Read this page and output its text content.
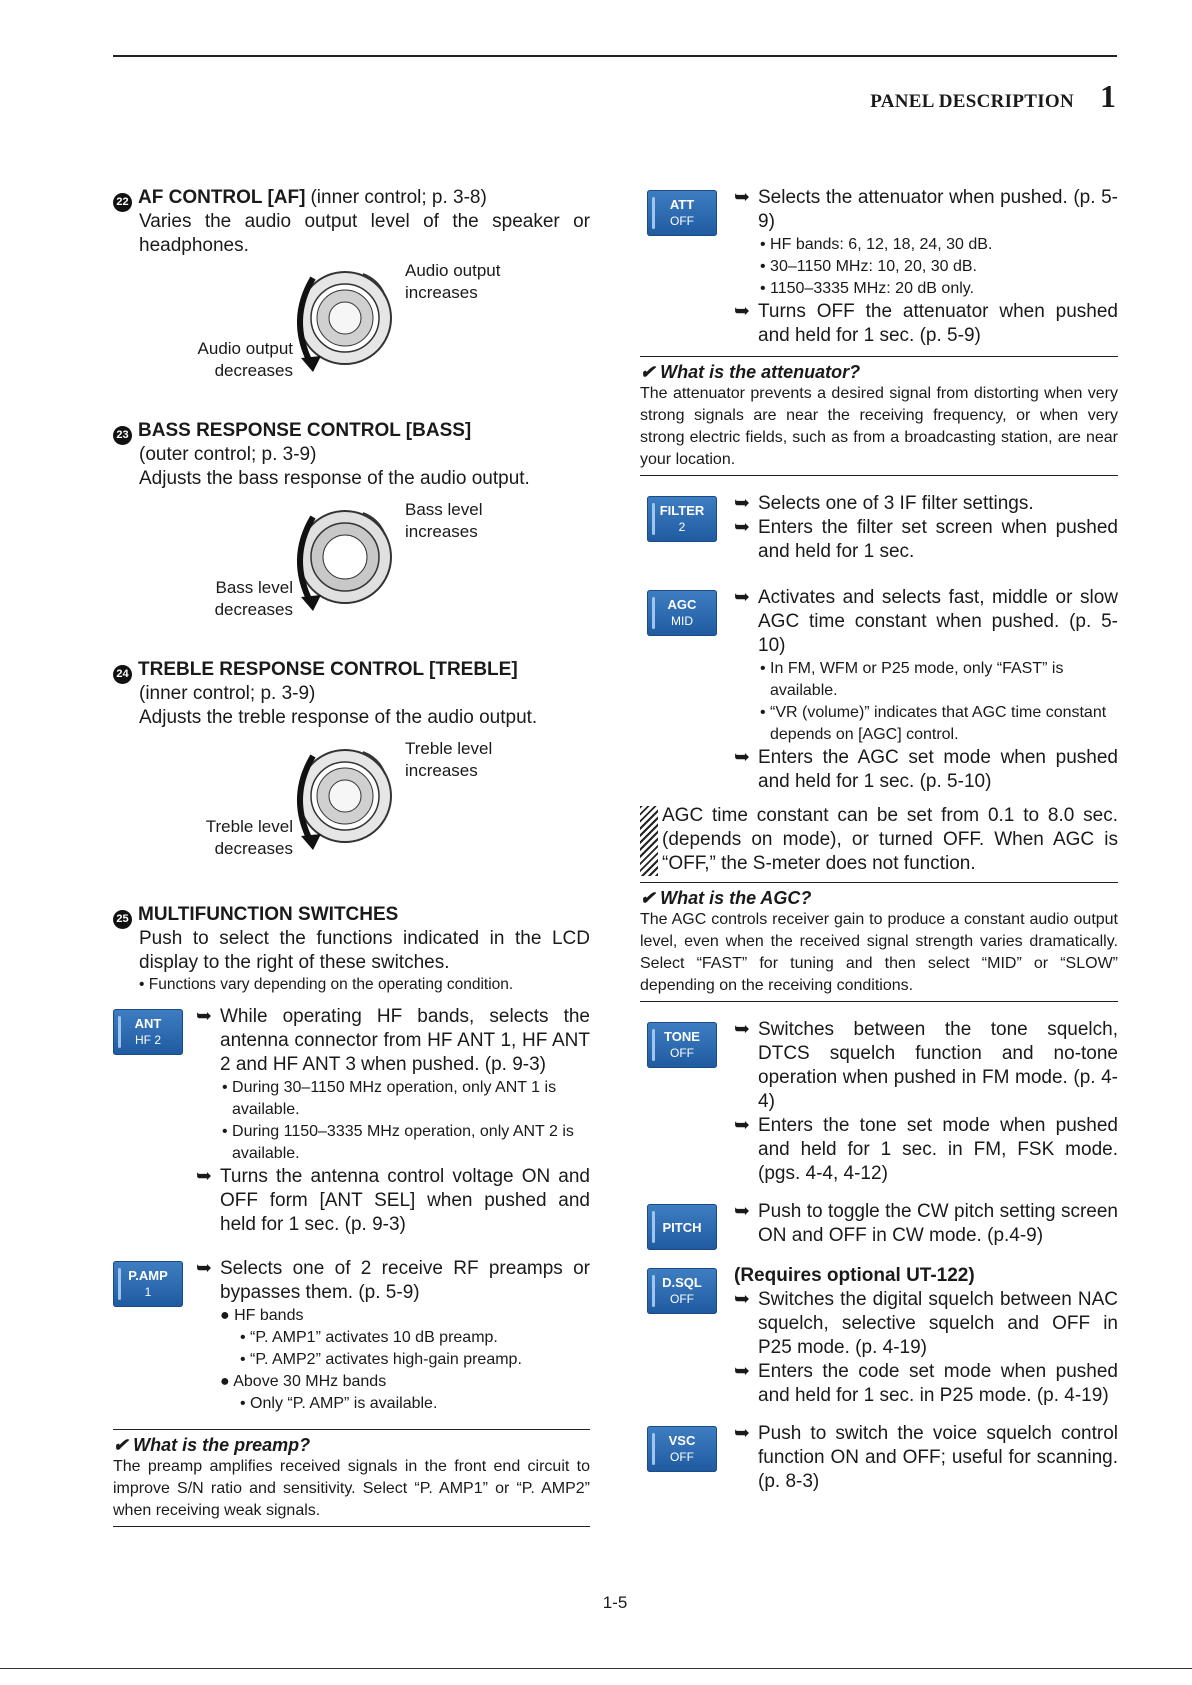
PANEL DESCRIPTION 1
22 AF CONTROL [AF] (inner control; p. 3-8)
Varies the audio output level of the speaker or headphones.
Audio output
increases
Audio output
decreases
23 BASS RESPONSE CONTROL [BASS]
(outer control; p. 3-9)
Adjusts the bass response of the audio output.
Bass level
increases
Bass level
decreases
24 TREBLE RESPONSE CONTROL [TREBLE]
(inner control; p. 3-9)
Adjusts the treble response of the audio output.
Treble level
increases
Treble level
decreases
25 MULTIFUNCTION SWITCHES
Push to select the functions indicated in the LCD display to the right of these switches.
• Functions vary depending on the operating condition.
ANT
HF 2
➥ While operating HF bands, selects the antenna connector from HF ANT 1, HF ANT 2 and HF ANT 3 when pushed. (p. 9-3)
• During 30–1150 MHz operation, only ANT 1 is available.
• During 1150–3335 MHz operation, only ANT 2 is available.
➥ Turns the antenna control voltage ON and OFF form [ANT SEL] when pushed and held for 1 sec. (p. 9-3)
P.AMP
1
➥ Selects one of 2 receive RF preamps or bypasses them. (p. 5-9)
● HF bands
• “P. AMP1” activates 10 dB preamp.
• “P. AMP2” activates high-gain preamp.
● Above 30 MHz bands
• Only “P. AMP” is available.
✔ What is the preamp?
The preamp amplifies received signals in the front end circuit to improve S/N ratio and sensitivity. Select “P. AMP1” or “P. AMP2” when receiving weak signals.
ATT
OFF
➥ Selects the attenuator when pushed. (p. 5-9)
• HF bands: 6, 12, 18, 24, 30 dB.
• 30–1150 MHz: 10, 20, 30 dB.
• 1150–3335 MHz: 20 dB only.
➥ Turns OFF the attenuator when pushed and held for 1 sec. (p. 5-9)
✔ What is the attenuator?
The attenuator prevents a desired signal from distorting when very strong signals are near the receiving frequency, or when very strong electric fields, such as from a broadcasting station, are near your location.
FILTER
2
➥ Selects one of 3 IF filter settings.
➥ Enters the filter set screen when pushed and held for 1 sec.
AGC
MID
➥ Activates and selects fast, middle or slow AGC time constant when pushed. (p. 5-10)
• In FM, WFM or P25 mode, only “FAST” is available.
• “VR (volume)” indicates that AGC time constant depends on [AGC] control.
➥ Enters the AGC set mode when pushed and held for 1 sec. (p. 5-10)
AGC time constant can be set from 0.1 to 8.0 sec. (depends on mode), or turned OFF. When AGC is “OFF,” the S-meter does not function.
✔ What is the AGC?
The AGC controls receiver gain to produce a constant audio output level, even when the received signal strength varies dramatically. Select “FAST” for tuning and then select “MID” or “SLOW” depending on the receiving conditions.
TONE
OFF
➥ Switches between the tone squelch, DTCS squelch function and no-tone operation when pushed in FM mode. (p. 4-4)
➥ Enters the tone set mode when pushed and held for 1 sec. in FM, FSK mode. (pgs. 4-4, 4-12)
PITCH
➥ Push to toggle the CW pitch setting screen ON and OFF in CW mode. (p.4-9)
D.SQL
OFF
(Requires optional UT-122)
➥ Switches the digital squelch between NAC squelch, selective squelch and OFF in P25 mode. (p. 4-19)
➥ Enters the code set mode when pushed and held for 1 sec. in P25 mode. (p. 4-19)
VSC
OFF
➥ Push to switch the voice squelch control function ON and OFF; useful for scanning. (p. 8-3)
1-5
